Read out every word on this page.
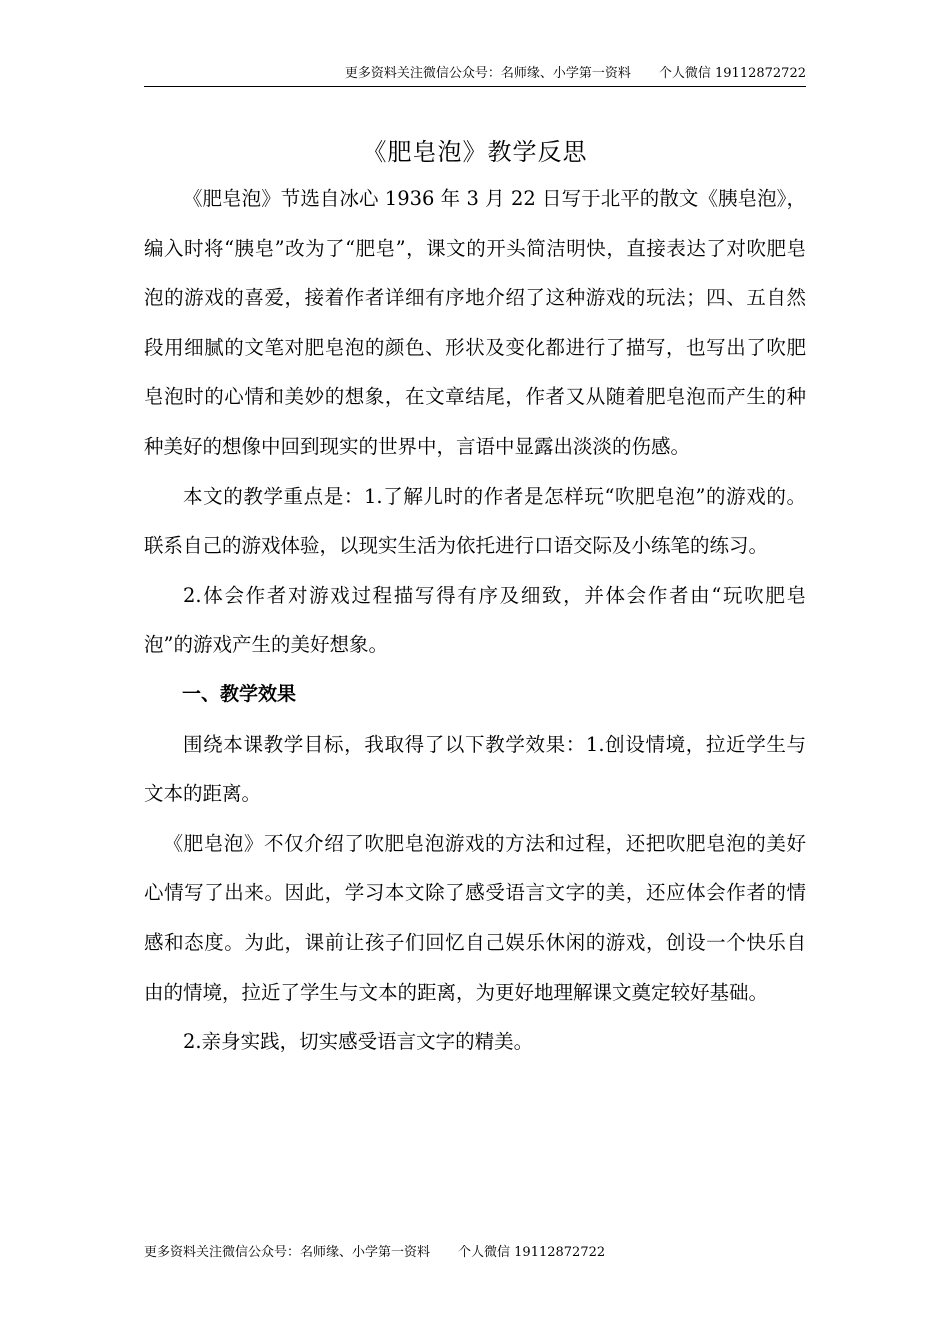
更多资料关注微信公众号：名师缘、小学第一资料 个人微信 19112872722
《肥皂泡》教学反思

《肥皂泡》节选自冰心 1936 年 3 月 22 日写于北平的散文《胰皂泡》，编入时将“胰皂”改为了“肥皂”，课文的开头简洁明快，直接表达了对吹肥皂泡的游戏的喜爱，接着作者详细有序地介绍了这种游戏的玩法；四、五自然段用细腻的文笔对肥皂泡的颜色、形状及变化都进行了描写，也写出了吹肥皂泡时的心情和美妙的想象，在文章结尾，作者又从随着肥皂泡而产生的种种美好的想像中回到现实的世界中，言语中显露出淡淡的伤感。

本文的教学重点是：1.了解儿时的作者是怎样玩“吹肥皂泡”的游戏的。联系自己的游戏体验，以现实生活为依托进行口语交际及小练笔的练习。

2.体会作者对游戏过程描写得有序及细致，并体会作者由“玩吹肥皂泡”的游戏产生的美好想象。

一、教学效果

围绕本课教学目标，我取得了以下教学效果：1.创设情境，拉近学生与文本的距离。

《肥皂泡》不仅介绍了吹肥皂泡游戏的方法和过程，还把吹肥皂泡的美好心情写了出来。因此，学习本文除了感受语言文字的美，还应体会作者的情感和态度。为此，课前让孩子们回忆自己娱乐休闲的游戏，创设一个快乐自由的情境，拉近了学生与文本的距离，为更好地理解课文奠定较好基础。

2.亲身实践，切实感受语言文字的精美。

更多资料关注微信公众号：名师缘、小学第一资料 个人微信 19112872722
